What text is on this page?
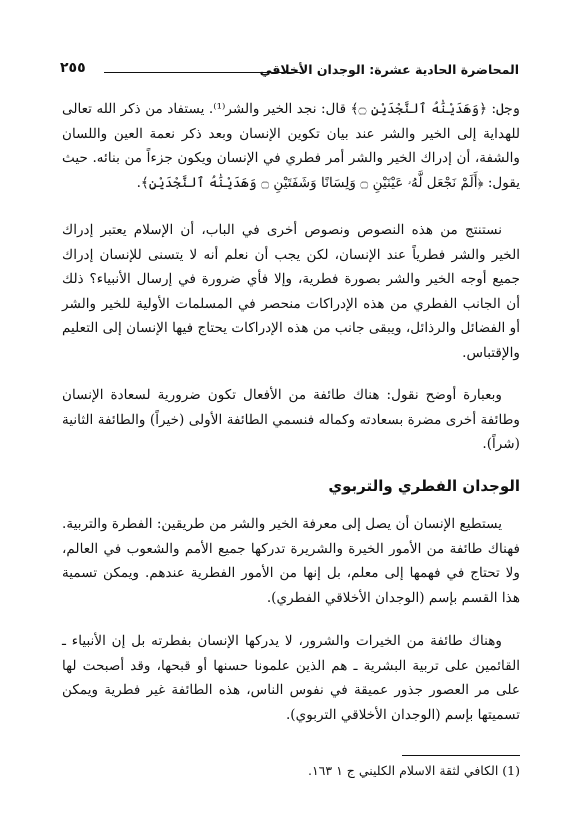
المحاضرة الحادية عشرة: الوجدان الأخلاقي
٢٥٥

وجل: ﴿وَهَدَيْنَٰهُ ٱلنَّجْدَيْنِ ۝﴾ قال: نجد الخير والشر⁽¹⁾. يستفاد من ذكر الله تعالى للهداية إلى الخير والشر عند بيان تكوين الإنسان وبعد ذكر نعمة العين واللسان والشفة، أن إدراك الخير والشر أمر فطري في الإنسان ويكون جزءاً من بنائه. حيث يقول: ﴿أَلَمْ نَجْعَل لَّهُۥ عَيْنَيْنِ ۝ وَلِسَانًا وَشَفَتَيْنِ ۝ وَهَدَيْنَٰهُ ٱلنَّجْدَيْنِ﴾.

نستنتج من هذه النصوص ونصوص أخرى في الباب، أن الإسلام يعتبر إدراك الخير والشر فطرياً عند الإنسان، لكن يجب أن نعلم أنه لا يتسنى للإنسان إدراك جميع أوجه الخير والشر بصورة فطرية، وإلا فأي ضرورة في إرسال الأنبياء؟ ذلك أن الجانب الفطري من هذه الإدراكات منحصر في المسلمات الأولية للخير والشر أو الفضائل والرذائل، ويبقى جانب من هذه الإدراكات يحتاج فيها الإنسان إلى التعليم والإقتباس.

وبعبارة أوضح نقول: هناك طائفة من الأفعال تكون ضرورية لسعادة الإنسان وطائفة أخرى مضرة بسعادته وكماله فنسمي الطائفة الأولى (خيراً) والطائفة الثانية (شراً).

الوجدان الفطري والتربوي

يستطيع الإنسان أن يصل إلى معرفة الخير والشر من طريقين: الفطرة والتربية. فهناك طائفة من الأمور الخيرة والشريرة تدركها جميع الأمم والشعوب في العالم، ولا تحتاج في فهمها إلى معلم، بل إنها من الأمور الفطرية عندهم. ويمكن تسمية هذا القسم بإسم (الوجدان الأخلاقي الفطري).

وهناك طائفة من الخيرات والشرور، لا يدركها الإنسان بفطرته بل إن الأنبياء ـ القائمين على تربية البشرية ـ هم الذين علمونا حسنها أو قبحها، وقد أصبحت لها على مر العصور جذور عميقة في نفوس الناس، هذه الطائفة غير فطرية ويمكن تسميتها بإسم (الوجدان الأخلاقي التربوي).

(1) الكافي لثقة الاسلام الكليني ج ١ ١٦٣.
